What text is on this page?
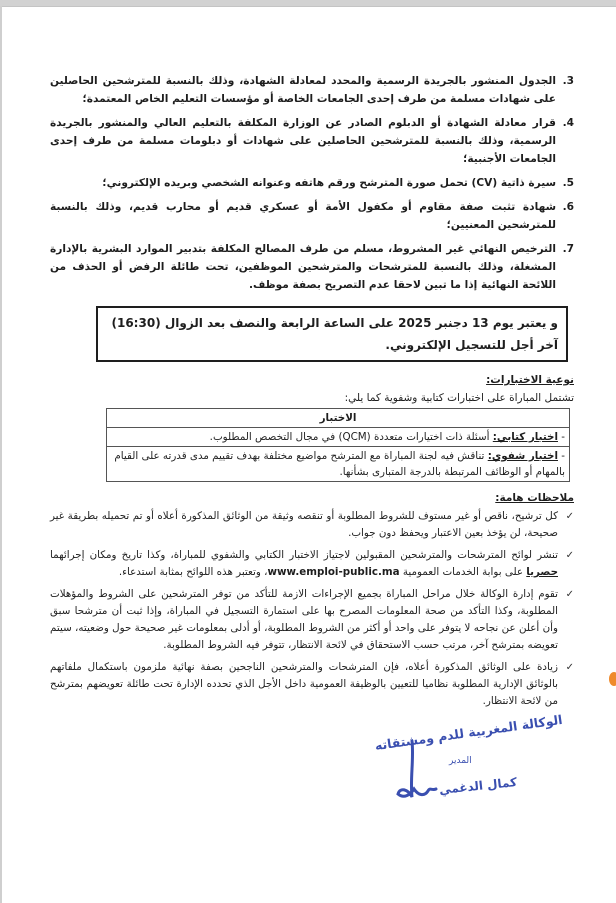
3.
الجدول المنشور بالجريدة الرسمية والمحدد لمعادلة الشهادة، وذلك بالنسبة للمترشحين الحاصلين على شهادات مسلمة من طرف إحدى الجامعات الخاصة أو مؤسسات التعليم الخاص المعتمدة؛
4.
قرار معادلة الشهادة أو الدبلوم الصادر عن الوزارة المكلفة بالتعليم العالي والمنشور بالجريدة الرسمية، وذلك بالنسبة للمترشحين الحاصلين على شهادات أو دبلومات مسلمة من طرف إحدى الجامعات الأجنبية؛
5.
سيرة ذاتية (CV) تحمل صورة المترشح ورقم هاتفه وعنوانه الشخصي وبريده الإلكتروني؛
6.
شهادة تثبت صفة مقاوم أو مكفول الأمة أو عسكري قديم أو محارب قديم، وذلك بالنسبة للمترشحين المعنيين؛
7.
الترخيص النهائي غير المشروط، مسلم من طرف المصالح المكلفة بتدبير الموارد البشرية بالإدارة المشغلة، وذلك بالنسبة للمترشحات والمترشحين الموظفين، تحت طائلة الرفض أو الحذف من اللائحة النهائية إذا ما تبين لاحقا عدم التصريح بصفة موظف.
و يعتبر يوم 13 دجنبر 2025 على الساعة الرابعة والنصف بعد الزوال (16:30) آخر أجل للتسجيل الإلكتروني.
نوعية الاختبارات:
تشتمل المباراة على اختبارات كتابية وشفوية كما يلي:
الاختبار
- اختبار كتابي: أسئلة ذات اختيارات متعددة (QCM) في مجال التخصص المطلوب.
- اختبار شفوي: تناقش فيه لجنة المباراة مع المترشح مواضيع مختلفة بهدف تقييم مدى قدرته على القيام بالمهام أو الوظائف المرتبطة بالدرجة المتبارى بشأنها.
ملاحظات هامة:
✓
كل ترشيح، ناقص أو غير مستوف للشروط المطلوبة أو تنقصه وثيقة من الوثائق المذكورة أعلاه أو تم تحميله بطريقة غير صحيحة، لن يؤخذ بعين الاعتبار ويحفظ دون جواب.
✓
تنشر لوائح المترشحات والمترشحين المقبولين لاجتياز الاختبار الكتابي والشفوي للمباراة، وكذا تاريخ ومكان إجرائهما حصريا على بوابة الخدمات العمومية www.emploi-public.ma، وتعتبر هذه اللوائح بمثابة استدعاء.
✓
تقوم إدارة الوكالة خلال مراحل المباراة بجميع الإجراءات الازمة للتأكد من توفر المترشحين على الشروط والمؤهلات المطلوبة، وكذا التأكد من صحة المعلومات المصرح بها على استمارة التسجيل في المباراة، وإذا ثبت أن مترشحا سبق وأن أعلن عن نجاحه لا يتوفر على واحد أو أكثر من الشروط المطلوبة، أو أدلى بمعلومات غير صحيحة حول وضعيته، سيتم تعويضه بمترشح آخر، مرتب حسب الاستحقاق في لائحة الانتظار، تتوفر فيه الشروط المطلوبة.
✓
زيادة على الوثائق المذكورة أعلاه، فإن المترشحات والمترشحين الناجحين بصفة نهائية ملزمون باستكمال ملفاتهم بالوثائق الإدارية المطلوبة نظاميا للتعيين بالوظيفة العمومية داخل الأجل الذي تحدده الإدارة تحت طائلة تعويضهم بمترشح من لائحة الانتظار.
الوكالة المغربية للدم ومشتقاته
المدير
كمال الدغمي
